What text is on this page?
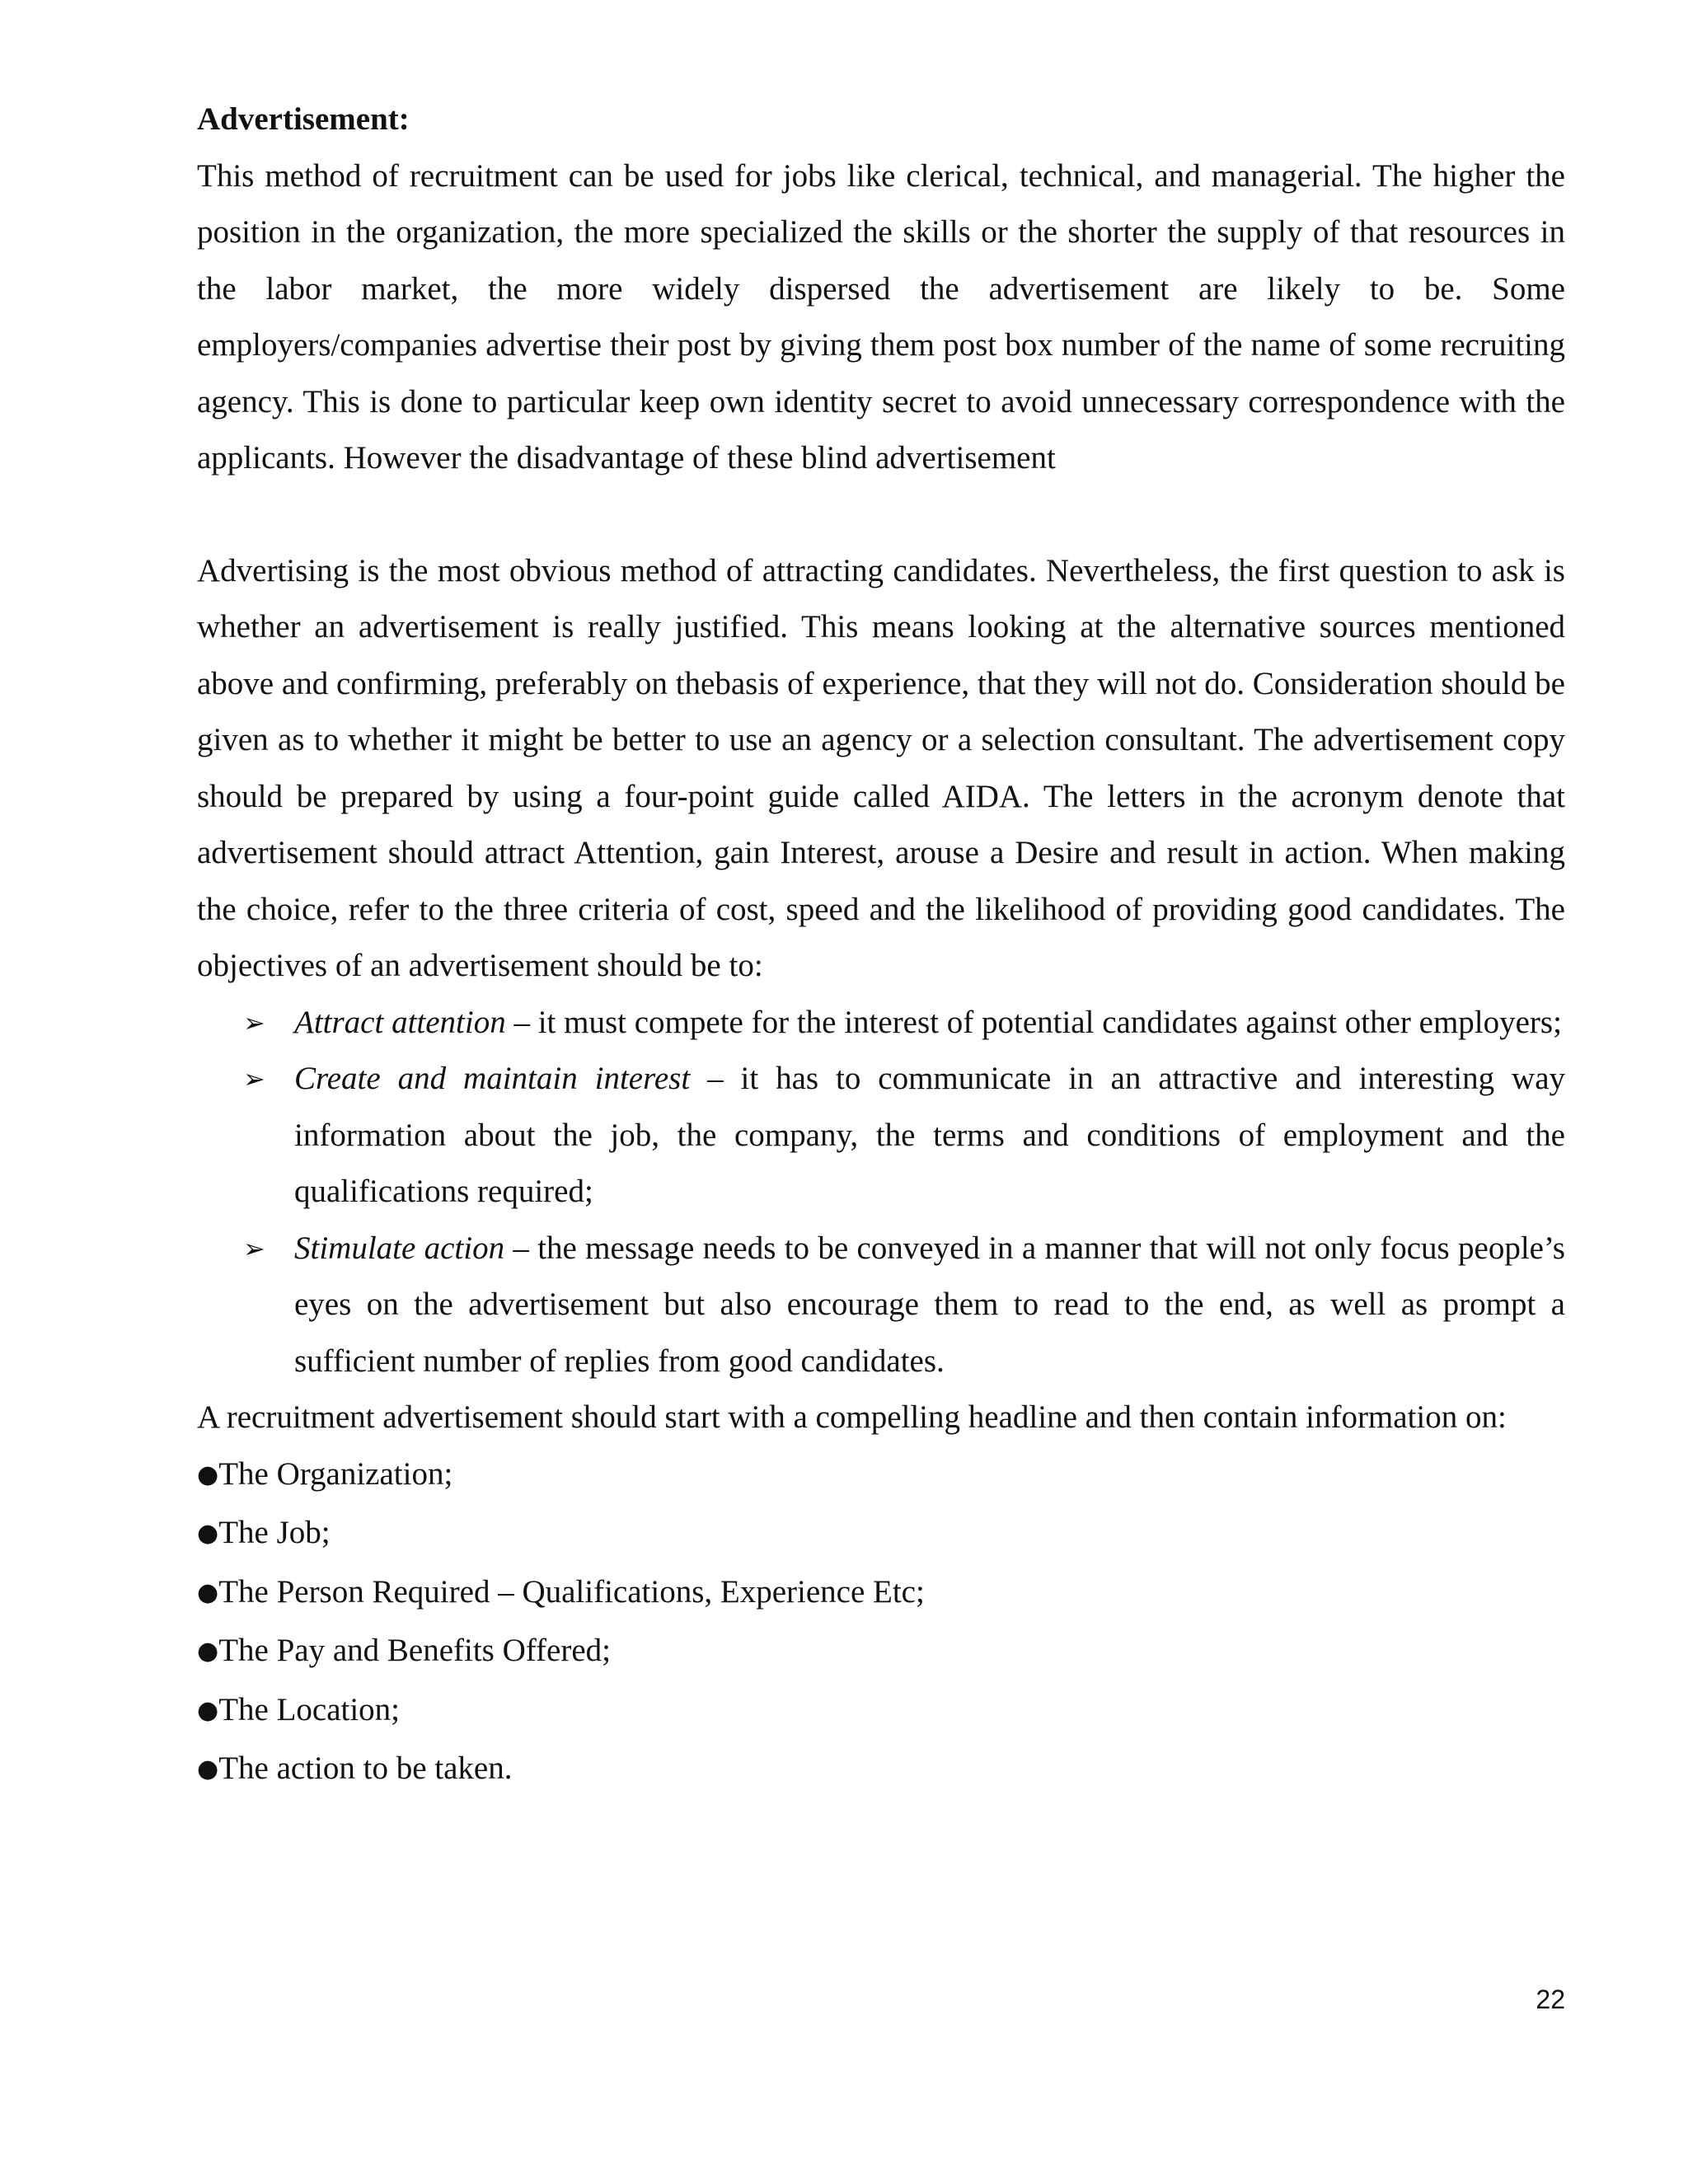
Advertisement:

This method of recruitment can be used for jobs like clerical, technical, and managerial. The higher the position in the organization, the more specialized the skills or the shorter the supply of that resources in the labor market, the more widely dispersed the advertisement are likely to be. Some employers/companies advertise their post by giving them post box number of the name of some recruiting agency. This is done to particular keep own identity secret to avoid unnecessary correspondence with the applicants. However the disadvantage of these blind advertisement

Advertising is the most obvious method of attracting candidates. Nevertheless, the first question to ask is whether an advertisement is really justified. This means looking at the alternative sources mentioned above and confirming, preferably on thebasis of experience, that they will not do. Consideration should be given as to whether it might be better to use an agency or a selection consultant. The advertisement copy should be prepared by using a four-point guide called AIDA. The letters in the acronym denote that advertisement should attract Attention, gain Interest, arouse a Desire and result in action. When making the choice, refer to the three criteria of cost, speed and the likelihood of providing good candidates. The objectives of an advertisement should be to:

➢ Attract attention – it must compete for the interest of potential candidates against other employers;
➢ Create and maintain interest – it has to communicate in an attractive and interesting way information about the job, the company, the terms and conditions of employment and the qualifications required;
➢ Stimulate action – the message needs to be conveyed in a manner that will not only focus people’s eyes on the advertisement but also encourage them to read to the end, as well as prompt a sufficient number of replies from good candidates.

A recruitment advertisement should start with a compelling headline and then contain information on:

●The Organization;
●The Job;
●The Person Required – Qualifications, Experience Etc;
●The Pay and Benefits Offered;
●The Location;
●The action to be taken.
22
